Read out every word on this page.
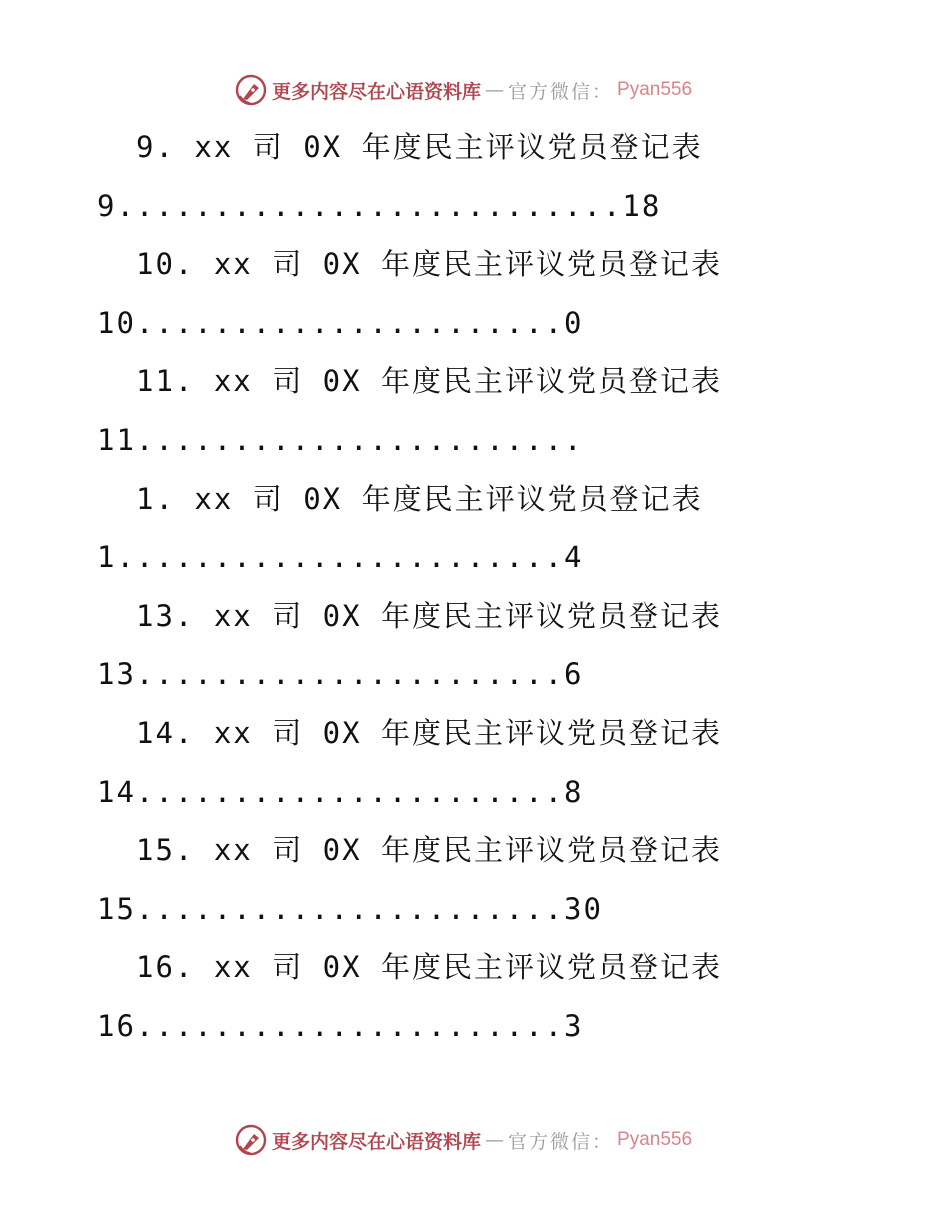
更多内容尽在心语资料库 — 官方微信： Pyan556
9. xx 司 0X 年度民主评议党员登记表
9..........................18
10. xx 司 0X 年度民主评议党员登记表
10......................0
11. xx 司 0X 年度民主评议党员登记表
11.......................
1. xx 司 0X 年度民主评议党员登记表
1.......................4
13. xx 司 0X 年度民主评议党员登记表
13......................6
14. xx 司 0X 年度民主评议党员登记表
14......................8
15. xx 司 0X 年度民主评议党员登记表
15......................30
16. xx 司 0X 年度民主评议党员登记表
16......................3
更多内容尽在心语资料库 — 官方微信： Pyan556
